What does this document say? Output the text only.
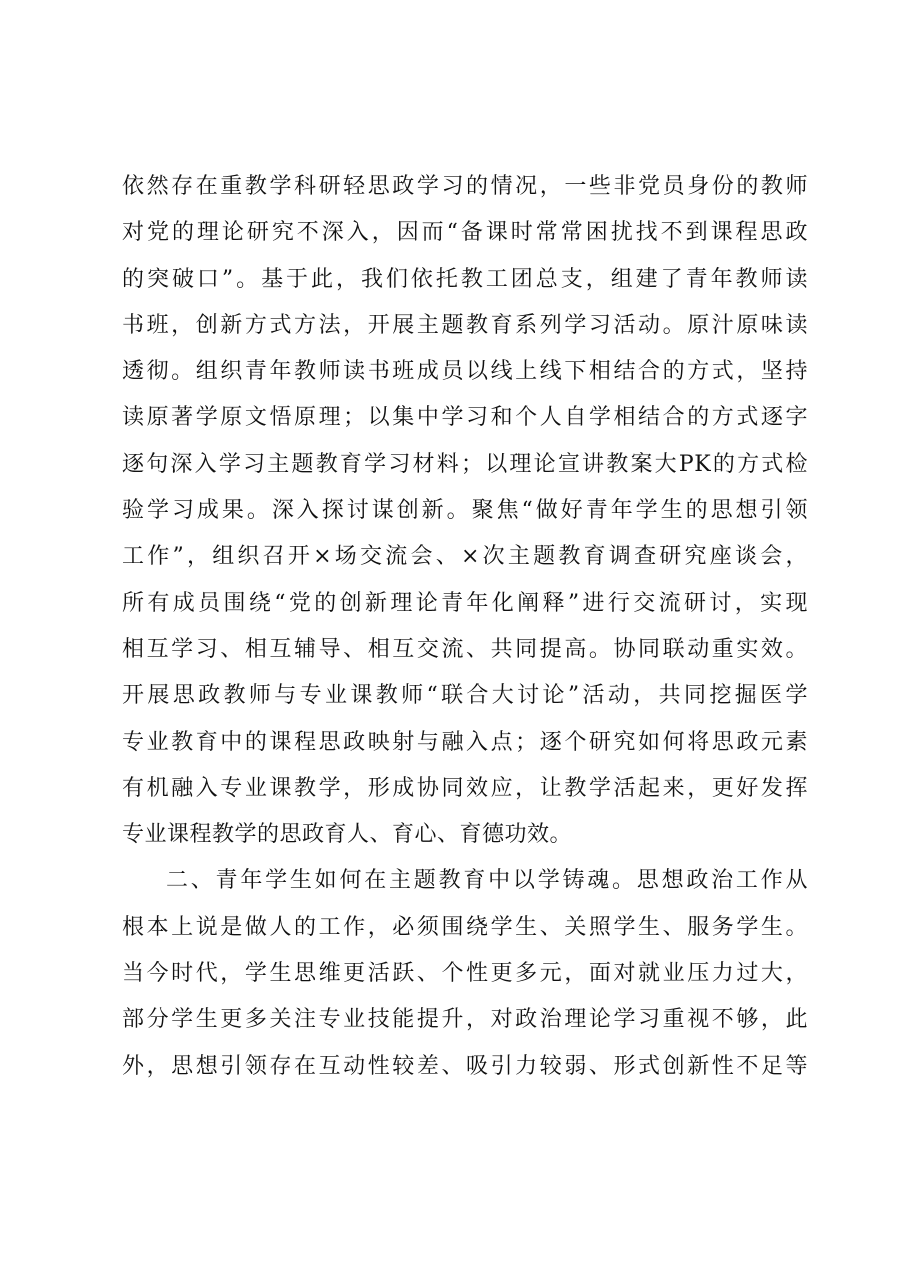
依然存在重教学科研轻思政学习的情况，一些非党员身份的教师
对党的理论研究不深入，因而“备课时常常困扰找不到课程思政
的突破口”。基于此，我们依托教工团总支，组建了青年教师读
书班，创新方式方法，开展主题教育系列学习活动。原汁原味读
透彻。组织青年教师读书班成员以线上线下相结合的方式，坚持
读原著学原文悟原理；以集中学习和个人自学相结合的方式逐字
逐句深入学习主题教育学习材料；以理论宣讲教案大PK的方式检
验学习成果。深入探讨谋创新。聚焦“做好青年学生的思想引领
工作”，组织召开×场交流会、×次主题教育调查研究座谈会，
所有成员围绕“党的创新理论青年化阐释”进行交流研讨，实现
相互学习、相互辅导、相互交流、共同提高。协同联动重实效。
开展思政教师与专业课教师“联合大讨论”活动，共同挖掘医学
专业教育中的课程思政映射与融入点；逐个研究如何将思政元素
有机融入专业课教学，形成协同效应，让教学活起来，更好发挥
专业课程教学的思政育人、育心、育德功效。
二、青年学生如何在主题教育中以学铸魂。思想政治工作从
根本上说是做人的工作，必须围绕学生、关照学生、服务学生。
当今时代，学生思维更活跃、个性更多元，面对就业压力过大，
部分学生更多关注专业技能提升，对政治理论学习重视不够，此
外，思想引领存在互动性较差、吸引力较弱、形式创新性不足等
